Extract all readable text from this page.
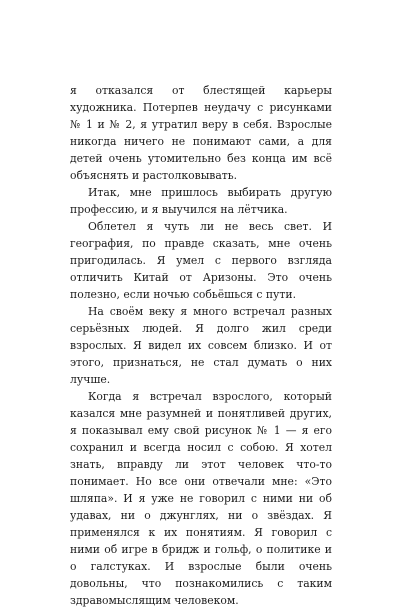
я отказался от блестящей карьеры художника. Потерпев неудачу с рисунками № 1 и № 2, я утратил веру в себя. Взрослые никогда ничего не понимают сами, а для детей очень утомительно без конца им всё объяснять и растолковывать.

Итак, мне пришлось выбирать другую профессию, и я выучился на лётчика.

Облетел я чуть ли не весь свет. И география, по правде сказать, мне очень пригодилась. Я умел с первого взгляда отличить Китай от Аризоны. Это очень полезно, если ночью собьёшься с пути.

На своём веку я много встречал разных серьёзных людей. Я долго жил среди взрослых. Я видел их совсем близко. И от этого, признаться, не стал думать о них лучше.

Когда я встречал взрослого, который казался мне разумней и понятливей других, я показывал ему свой рисунок № 1 — я его сохранил и всегда носил с собою. Я хотел знать, вправду ли этот человек что-то понимает. Но все они отвечали мне: «Это шляпа». И я уже не говорил с ними ни об удавах, ни о джунглях, ни о звёздах. Я применялся к их понятиям. Я говорил с ними об игре в бридж и гольф, о политике и о галстуках. И взрослые были очень довольны, что познакомились с таким здравомыслящим человеком.
